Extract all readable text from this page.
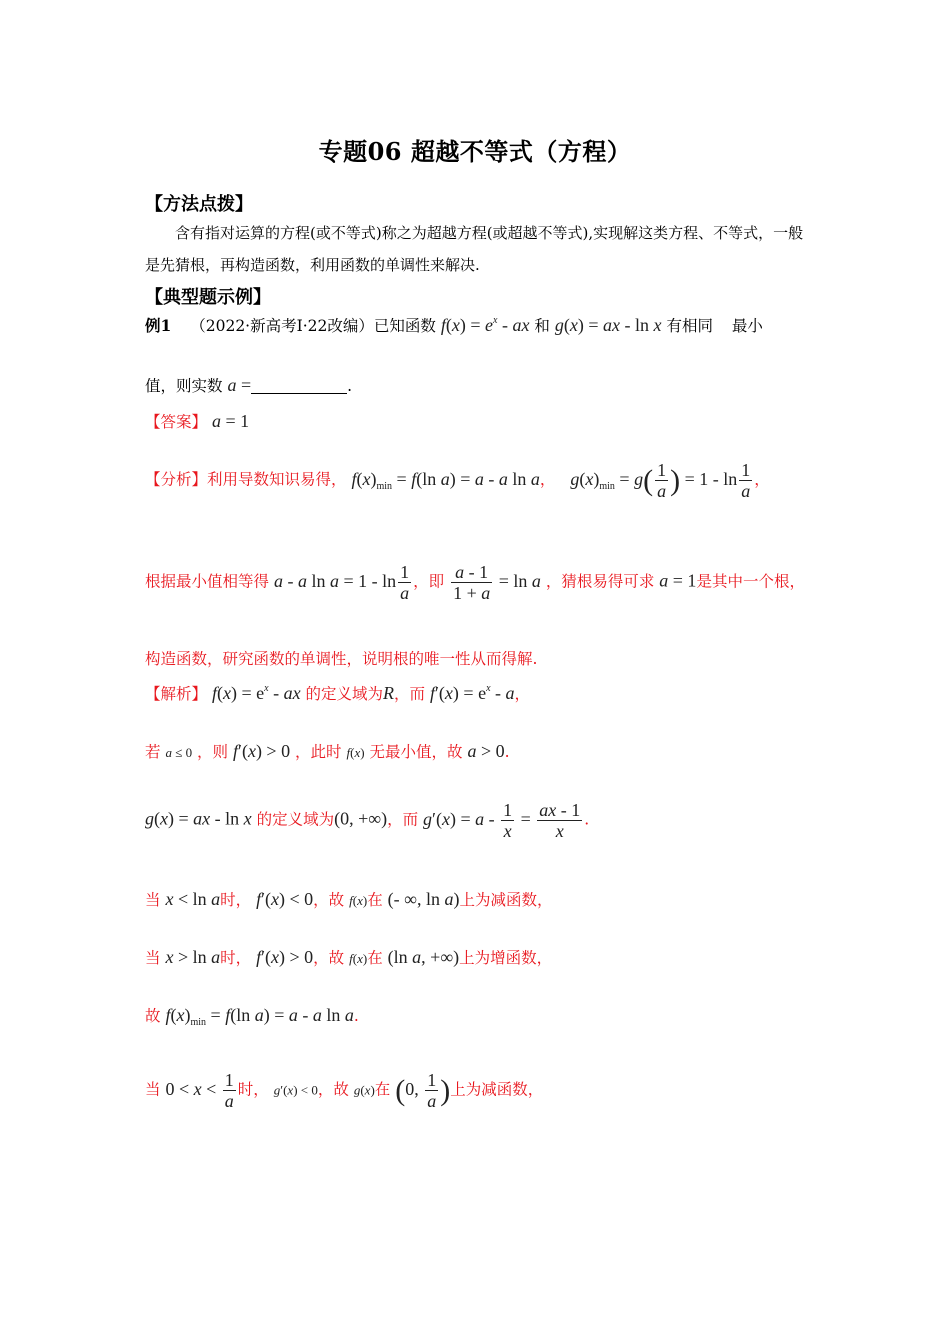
专题06 超越不等式（方程）
【方法点拨】
含有指对运算的方程(或不等式)称之为超越方程(或超越不等式),实现解这类方程、不等式，一般是先猜根，再构造函数，利用函数的单调性来解决.
【典型题示例】
例1 （2022·新高考I·22改编）已知函数 $f(x) = e^x$ - ax 和 g(x) = ax - ln x 有相同 最小
值，则实数 a =	.
【答案】 a = 1
【分析】利用导数知识易得， $f(x)_{min} = f(\ln$ a) = a - a ln a， $g(x)_{min} = g( \frac{1}{a}$ ) = $1 - \ln \frac{1}{a}$ ，
根据最小值相等得 a - a $\ln a = 1 - \ln \frac{1}{a}$ ，即 $\frac{a - 1}{1 + a} = \ln a$ ，猜根易得可求 a = 1是其中一个根，
构造函数，研究函数的单调性，说明根的唯一性从而得解.
【解析】 $f(x) = e^x$ - ax 的定义域为R，而 $f'(x) = e^x - a$，
若 a ≤ 0 ，则 f′(x) > 0 ，此时 f(x) 无最小值，故 a > 0.
g(x) = ax - ln x 的定义域为(0, +∞)，而 $g'(x) = a - \frac{1}{x} = \frac{ax - 1}{x}$ .
当 x < ln a时， f′(x) < 0，故 f(x)在 (- ∞, ln a)上为减函数，
当 x > ln a时， f′(x) > 0，故 f(x)在 (ln a, +∞)上为增函数，
故 $f(x)_{min} = f(\ln$ a) = a - a ln a.
当 $0 < x < \frac{1}{a}$ 时， g′(x) < 0，故 g(x)在 (0, $\frac{1}{a}$ )上为减函数，
